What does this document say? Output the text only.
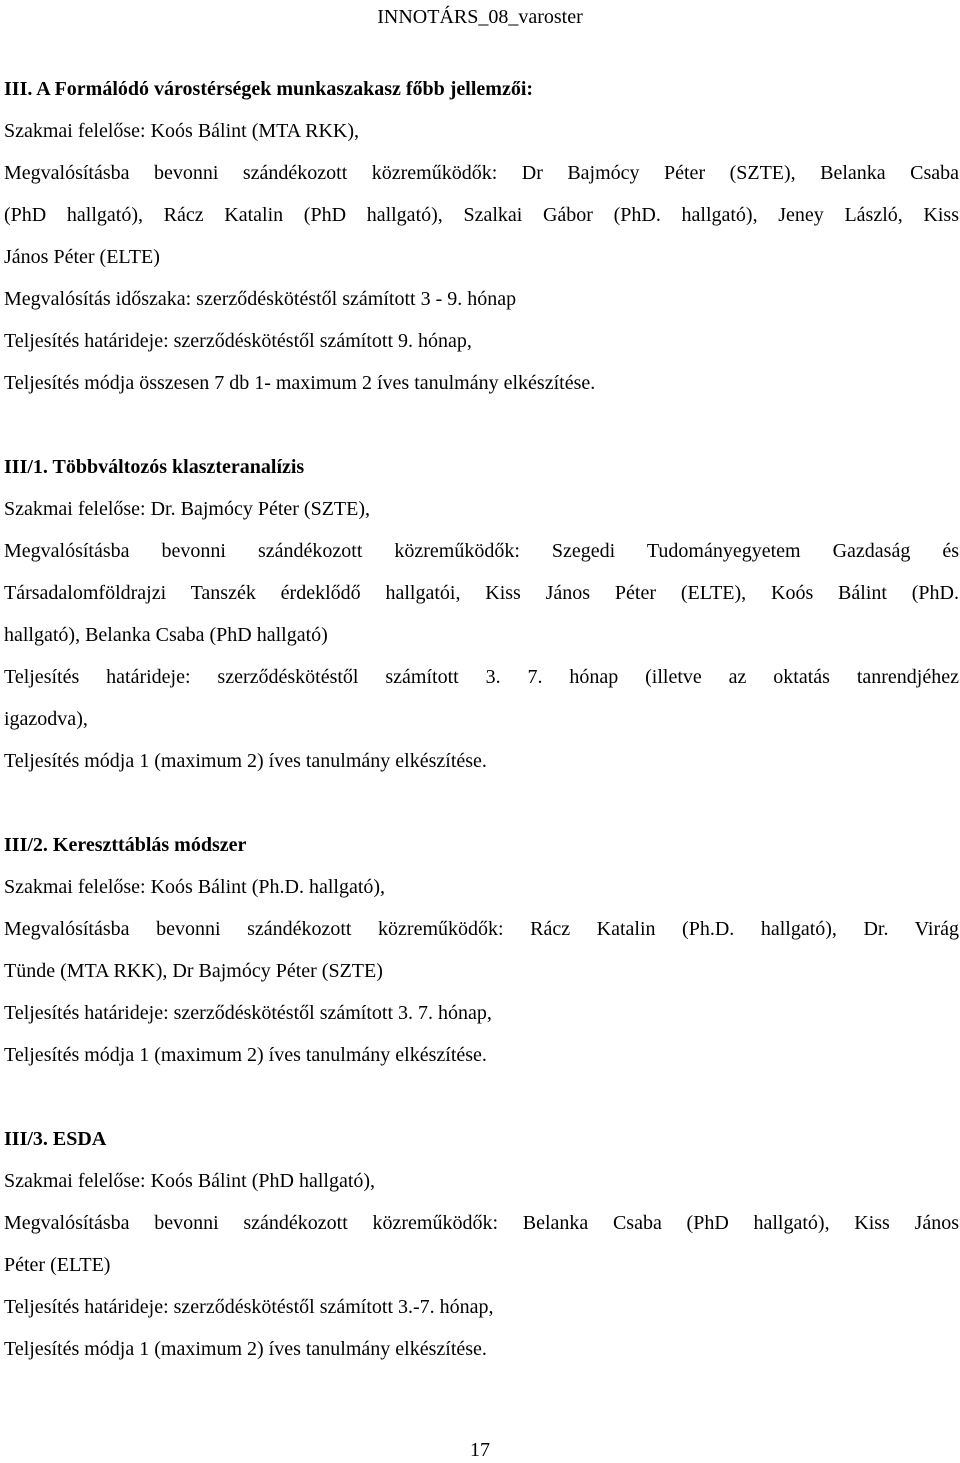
INNOTÁRS_08_varoster
III. A Formálódó várostérségek munkaszakasz főbb jellemzői:
Szakmai felelőse: Koós Bálint (MTA RKK),
Megvalósításba bevonni szándékozott közreműködők: Dr Bajmócy Péter (SZTE), Belanka Csaba
(PhD hallgató), Rácz Katalin (PhD hallgató), Szalkai Gábor (PhD. hallgató), Jeney László, Kiss
János Péter (ELTE)
Megvalósítás időszaka: szerződéskötéstől számított 3 - 9. hónap
Teljesítés határideje: szerződéskötéstől számított 9. hónap,
Teljesítés módja összesen 7 db 1- maximum 2 íves tanulmány elkészítése.
III/1. Többváltozós klaszteranalízis
Szakmai felelőse: Dr. Bajmócy Péter (SZTE),
Megvalósításba bevonni szándékozott közreműködők: Szegedi Tudományegyetem Gazdaság és
Társadalomföldrajzi Tanszék érdeklődő hallgatói, Kiss János Péter (ELTE), Koós Bálint (PhD.
hallgató), Belanka Csaba (PhD hallgató)
Teljesítés határideje: szerződéskötéstől számított 3. 7. hónap (illetve az oktatás tanrendjéhez
igazodva),
Teljesítés módja 1 (maximum 2) íves tanulmány elkészítése.
III/2. Kereszttáblás módszer
Szakmai felelőse: Koós Bálint (Ph.D. hallgató),
Megvalósításba bevonni szándékozott közreműködők: Rácz Katalin (Ph.D. hallgató), Dr. Virág
Tünde (MTA RKK), Dr Bajmócy Péter (SZTE)
Teljesítés határideje: szerződéskötéstől számított 3. 7. hónap,
Teljesítés módja 1 (maximum 2) íves tanulmány elkészítése.
III/3. ESDA
Szakmai felelőse: Koós Bálint (PhD hallgató),
Megvalósításba bevonni szándékozott közreműködők: Belanka Csaba (PhD hallgató), Kiss János
Péter (ELTE)
Teljesítés határideje: szerződéskötéstől számított 3.-7. hónap,
Teljesítés módja 1 (maximum 2) íves tanulmány elkészítése.
17
